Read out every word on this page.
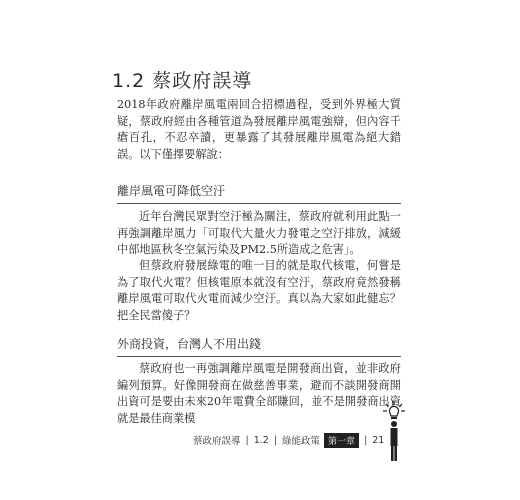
1.2 蔡政府誤導

2018年政府離岸風電兩回合招標過程，受到外界極大質疑，蔡政府經由各種管道為發展離岸風電強辯，但內容千瘡百孔，不忍卒讀，更暴露了其發展離岸風電為絕大錯誤。以下僅擇要解說：

離岸風電可降低空汙

近年台灣民眾對空汙極為關注，蔡政府就利用此點一再強調離岸風力「可取代大量火力發電之空汙排放，減緩中部地區秋冬空氣污染及PM2.5所造成之危害」。

但蔡政府發展綠電的唯一目的就是取代核電，何嘗是為了取代火電？但核電原本就沒有空汙，蔡政府竟然發稱離岸風電可取代火電而減少空汙。真以為大家如此健忘？把全民當傻子？

外商投資，台灣人不用出錢

蔡政府也一再強調離岸風電是開發商出資，並非政府編列預算。好像開發商在做慈善事業，避而不談開發商開出資可是要由未來20年電費全部賺回，並不是開發商出資就是最佳商業模

蔡政府誤導 | 1.2 | 綠能政策 第一章 | 21
